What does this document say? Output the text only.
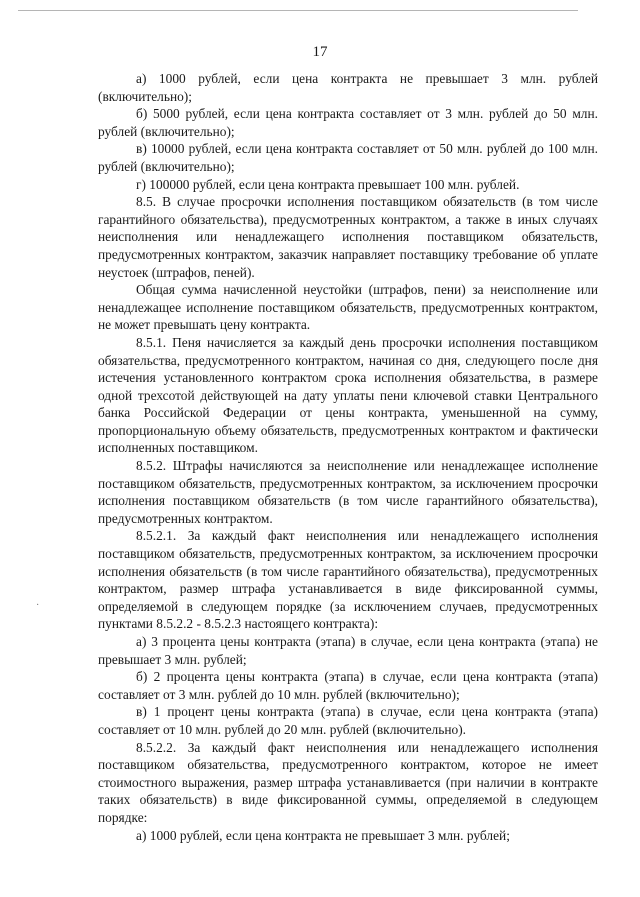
17

а) 1000 рублей, если цена контракта не превышает 3 млн. рублей (включительно);

б) 5000 рублей, если цена контракта составляет от 3 млн. рублей до 50 млн. рублей (включительно);

в) 10000 рублей, если цена контракта составляет от 50 млн. рублей до 100 млн. рублей (включительно);

г) 100000 рублей, если цена контракта превышает 100 млн. рублей.

8.5. В случае просрочки исполнения поставщиком обязательств (в том числе гарантийного обязательства), предусмотренных контрактом, а также в иных случаях неисполнения или ненадлежащего исполнения поставщиком обязательств, предусмотренных контрактом, заказчик направляет поставщику требование об уплате неустоек (штрафов, пеней).

Общая сумма начисленной неустойки (штрафов, пени) за неисполнение или ненадлежащее исполнение поставщиком обязательств, предусмотренных контрактом, не может превышать цену контракта.

8.5.1. Пеня начисляется за каждый день просрочки исполнения поставщиком обязательства, предусмотренного контрактом, начиная со дня, следующего после дня истечения установленного контрактом срока исполнения обязательства, в размере одной трехсотой действующей на дату уплаты пени ключевой ставки Центрального банка Российской Федерации от цены контракта, уменьшенной на сумму, пропорциональную объему обязательств, предусмотренных контрактом и фактически исполненных поставщиком.

8.5.2. Штрафы начисляются за неисполнение или ненадлежащее исполнение поставщиком обязательств, предусмотренных контрактом, за исключением просрочки исполнения поставщиком обязательств (в том числе гарантийного обязательства), предусмотренных контрактом.

8.5.2.1. За каждый факт неисполнения или ненадлежащего исполнения поставщиком обязательств, предусмотренных контрактом, за исключением просрочки исполнения обязательств (в том числе гарантийного обязательства), предусмотренных контрактом, размер штрафа устанавливается в виде фиксированной суммы, определяемой в следующем порядке (за исключением случаев, предусмотренных пунктами 8.5.2.2 - 8.5.2.3 настоящего контракта):

а) 3 процента цены контракта (этапа) в случае, если цена контракта (этапа) не превышает 3 млн. рублей;

б) 2 процента цены контракта (этапа) в случае, если цена контракта (этапа) составляет от 3 млн. рублей до 10 млн. рублей (включительно);

в) 1 процент цены контракта (этапа) в случае, если цена контракта (этапа) составляет от 10 млн. рублей до 20 млн. рублей (включительно).

8.5.2.2. За каждый факт неисполнения или ненадлежащего исполнения поставщиком обязательства, предусмотренного контрактом, которое не имеет стоимостного выражения, размер штрафа устанавливается (при наличии в контракте таких обязательств) в виде фиксированной суммы, определяемой в следующем порядке:

а) 1000 рублей, если цена контракта не превышает 3 млн. рублей;

·
